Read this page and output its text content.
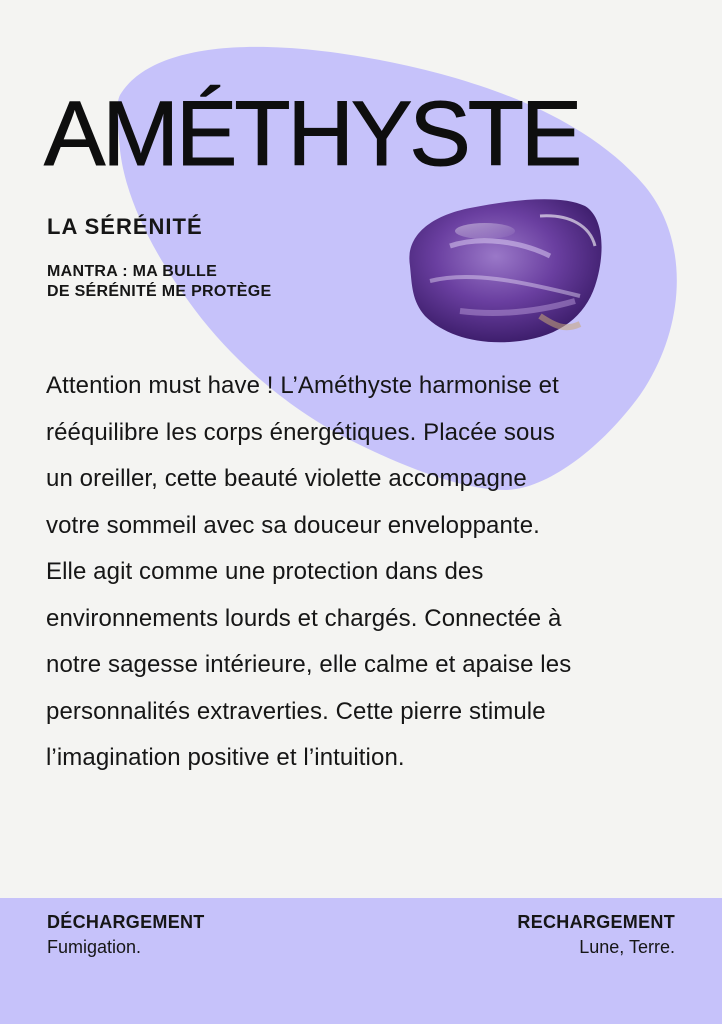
AMÉTHYSTE
LA SÉRÉNITÉ
MANTRA : MA BULLE
DE SÉRÉNITÉ ME PROTÈGE
Attention must have ! L’Améthyste harmonise et
rééquilibre les corps énergétiques. Placée sous
un oreiller, cette beauté violette accompagne
votre sommeil avec sa douceur enveloppante.
Elle agit comme une protection dans des
environnements lourds et chargés. Connectée à
notre sagesse intérieure, elle calme et apaise les
personnalités extraverties. Cette pierre stimule
l’imagination positive et l’intuition.
DÉCHARGEMENT
Fumigation.
RECHARGEMENT
Lune, Terre.
